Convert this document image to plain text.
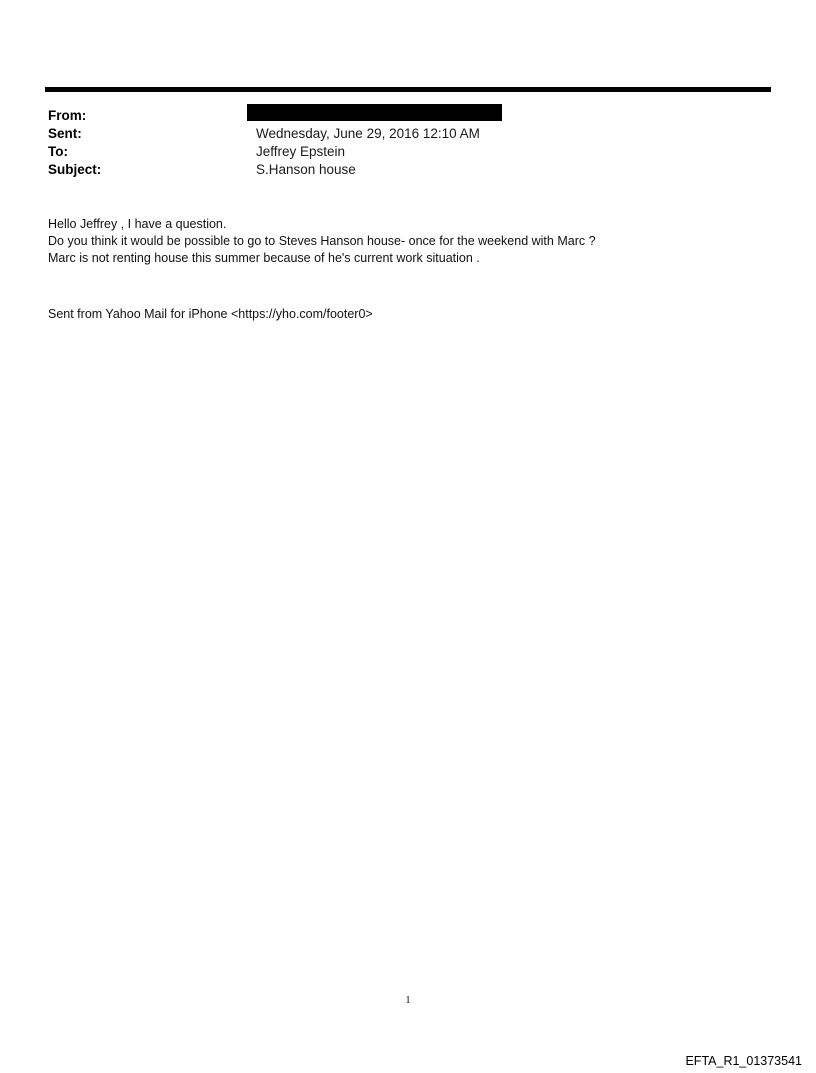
From:
Sent:	Wednesday, June 29, 2016 12:10 AM
To:	Jeffrey Epstein
Subject:	S.Hanson house
Hello Jeffrey , I have a question.
Do you think it would be possible to go to Steves Hanson house- once for the weekend with Marc ?
Marc is not renting house this summer because of he's current work situation .
Sent from Yahoo Mail for iPhone <https://yho.com/footer0>
1
EFTA_R1_01373541
